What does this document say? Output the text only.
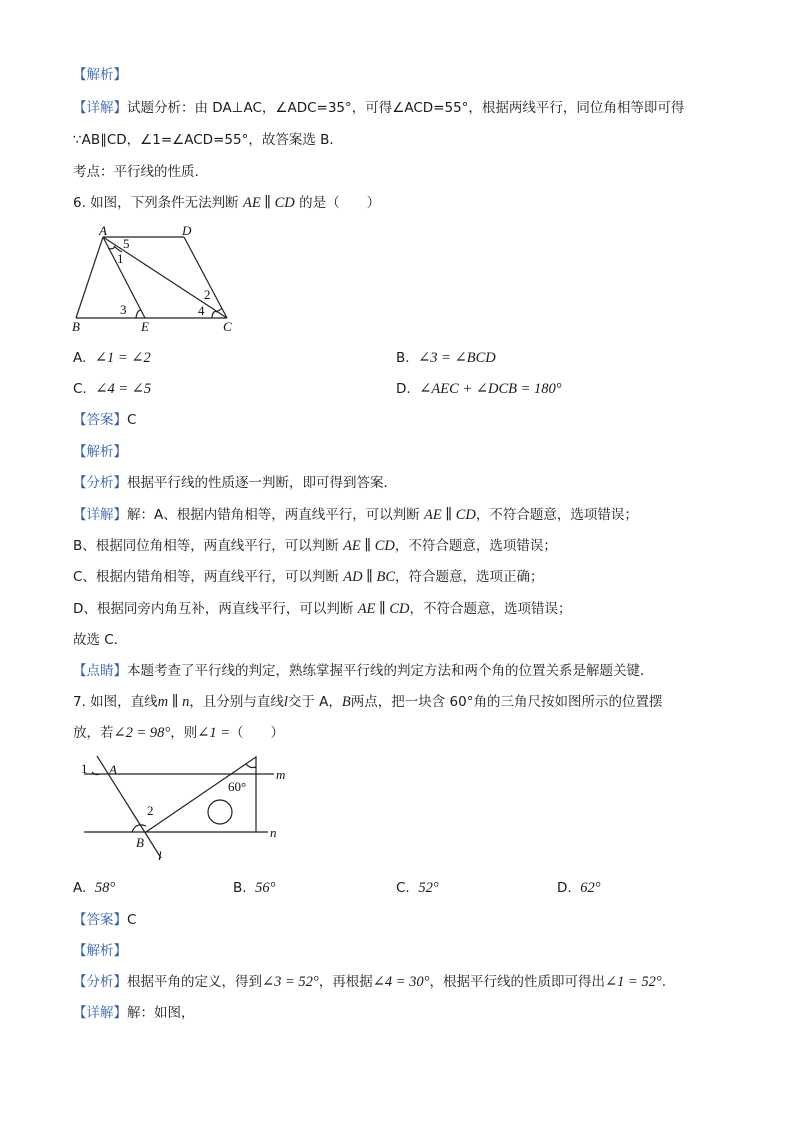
【解析】
【详解】试题分析：由 DA⊥AC，∠ADC=35°，可得∠ACD=55°，根据两线平行，同位角相等即可得
∵AB∥CD，∠1=∠ACD=55°，故答案选 B．
考点：平行线的性质.
6. 如图，下列条件无法判断 AE ∥ CD 的是（　　）
A	D
B	E	C
5
1
3
2
4
A. ∠1 = ∠2	B. ∠3 = ∠BCD
C. ∠4 = ∠5	D. ∠AEC + ∠DCB = 180°
【答案】C
【解析】
【分析】根据平行线的性质逐一判断，即可得到答案．
【详解】解：A、根据内错角相等，两直线平行，可以判断 AE ∥ CD，不符合题意，选项错误；
B、根据同位角相等，两直线平行，可以判断 AE ∥ CD，不符合题意，选项错误；
C、根据内错角相等，两直线平行，可以判断 AD ∥ BC，符合题意，选项正确；
D、根据同旁内角互补，两直线平行，可以判断 AE ∥ CD，不符合题意，选项错误；
故选 C．
【点睛】本题考查了平行线的判定，熟练掌握平行线的判定方法和两个角的位置关系是解题关键．
7. 如图，直线m ∥ n，且分别与直线l交于 A，B两点，把一块含 60°角的三角尺按如图所示的位置摆
放，若∠2 = 98°，则∠1 =（　　）
1 A	m
n
60°
2
B
l
A. 58°	B. 56°	C. 52°	D. 62°
【答案】C
【解析】
【分析】根据平角的定义，得到∠3 = 52°，再根据∠4 = 30°，根据平行线的性质即可得出∠1 = 52°.
【详解】解：如图，
